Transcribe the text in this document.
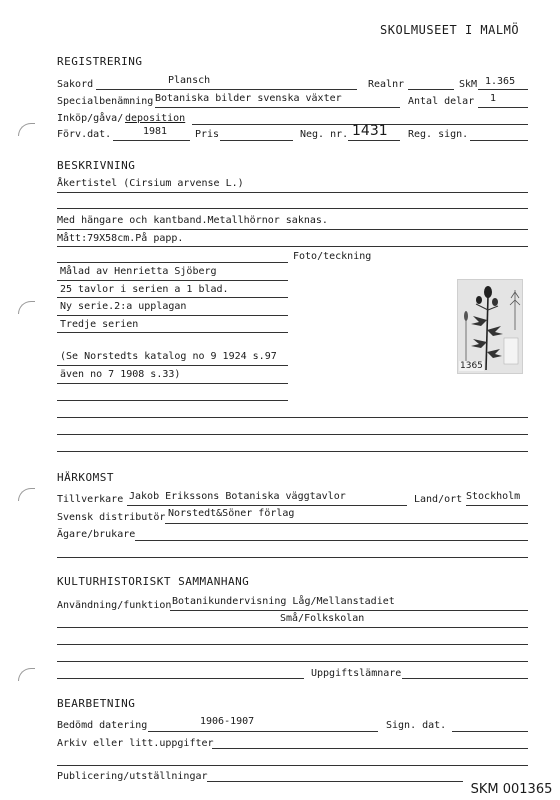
SKOLMUSEET I MALMÖ
REGISTRERING
Sakord	Plansch	Realnr	SkM 1.365
Specialbenämning Botaniska bilder svenska växter	Antal delar 1
Inköp/gåva/ deposition
Förv.dat.	1981	Pris	Neg. nr. 1431 Reg. sign.
BESKRIVNING
Åkertistel (Cirsium arvense L.)
Med hängare och kantband.Metallhörnor saknas.
Mått:79X58cm.På papp.
Foto/teckning
Målad av Henrietta Sjöberg
25 tavlor i serien a 1 blad.
Ny serie.2:a upplagan
Tredje serien
(Se Norstedts katalog no 9 1924 s.97
även no 7 1908 s.33)
1365
HÄRKOMST
Tillverkare Jakob Erikssons Botaniska väggtavlor	Land/ort Stockholm
Svensk distributör Norstedt&Söner förlag
Ägare/brukare
KULTURHISTORISKT SAMMANHANG
Användning/funktion Botanikundervisning Låg/Mellanstadiet
Små/Folkskolan
Uppgiftslämnare
BEARBETNING
Bedömd datering	1906-1907	Sign. dat.
Arkiv eller litt.uppgifter
Publicering/utställningar
SKM 001365
